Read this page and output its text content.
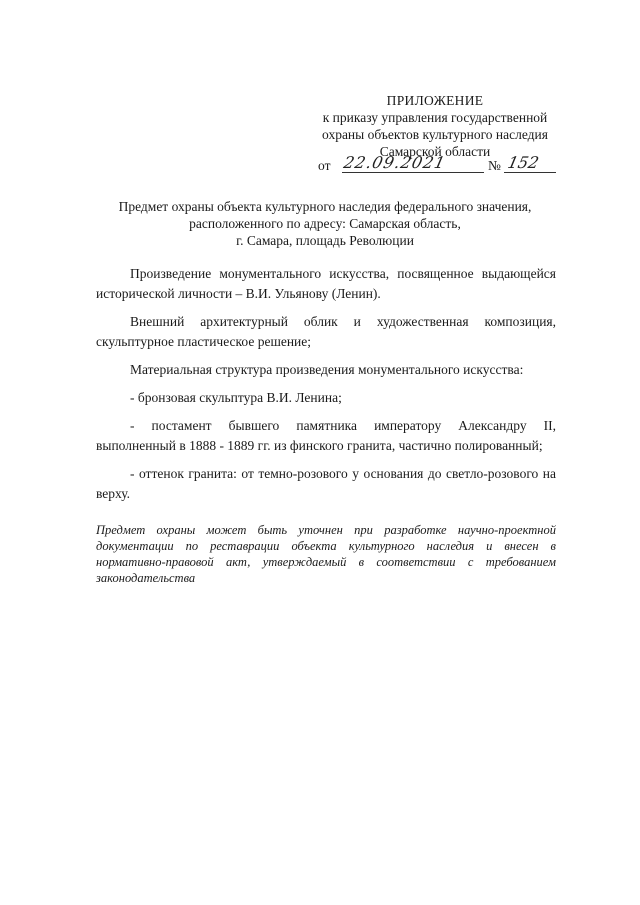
ПРИЛОЖЕНИЕ
к приказу управления государственной
охраны объектов культурного наследия
Самарской области
от 22.09.2021	№ 152
Предмет охраны объекта культурного наследия федерального значения,
расположенного по адресу: Самарская область,
г. Самара, площадь Революции

Произведение монументального искусства, посвященное выдающейся исторической личности – В.И. Ульянову (Ленин).

Внешний архитектурный облик и художественная композиция, скульптурное пластическое решение;

Материальная структура произведения монументального искусства:

- бронзовая скульптура В.И. Ленина;

- постамент бывшего памятника императору Александру II, выполненный в 1888 - 1889 гг. из финского гранита, частично полированный;

- оттенок гранита: от темно-розового у основания до светло-розового на верху.

Предмет охраны может быть уточнен при разработке научно-проектной документации по реставрации объекта культурного наследия и внесен в нормативно-правовой акт, утверждаемый в соответствии с требованием законодательства
